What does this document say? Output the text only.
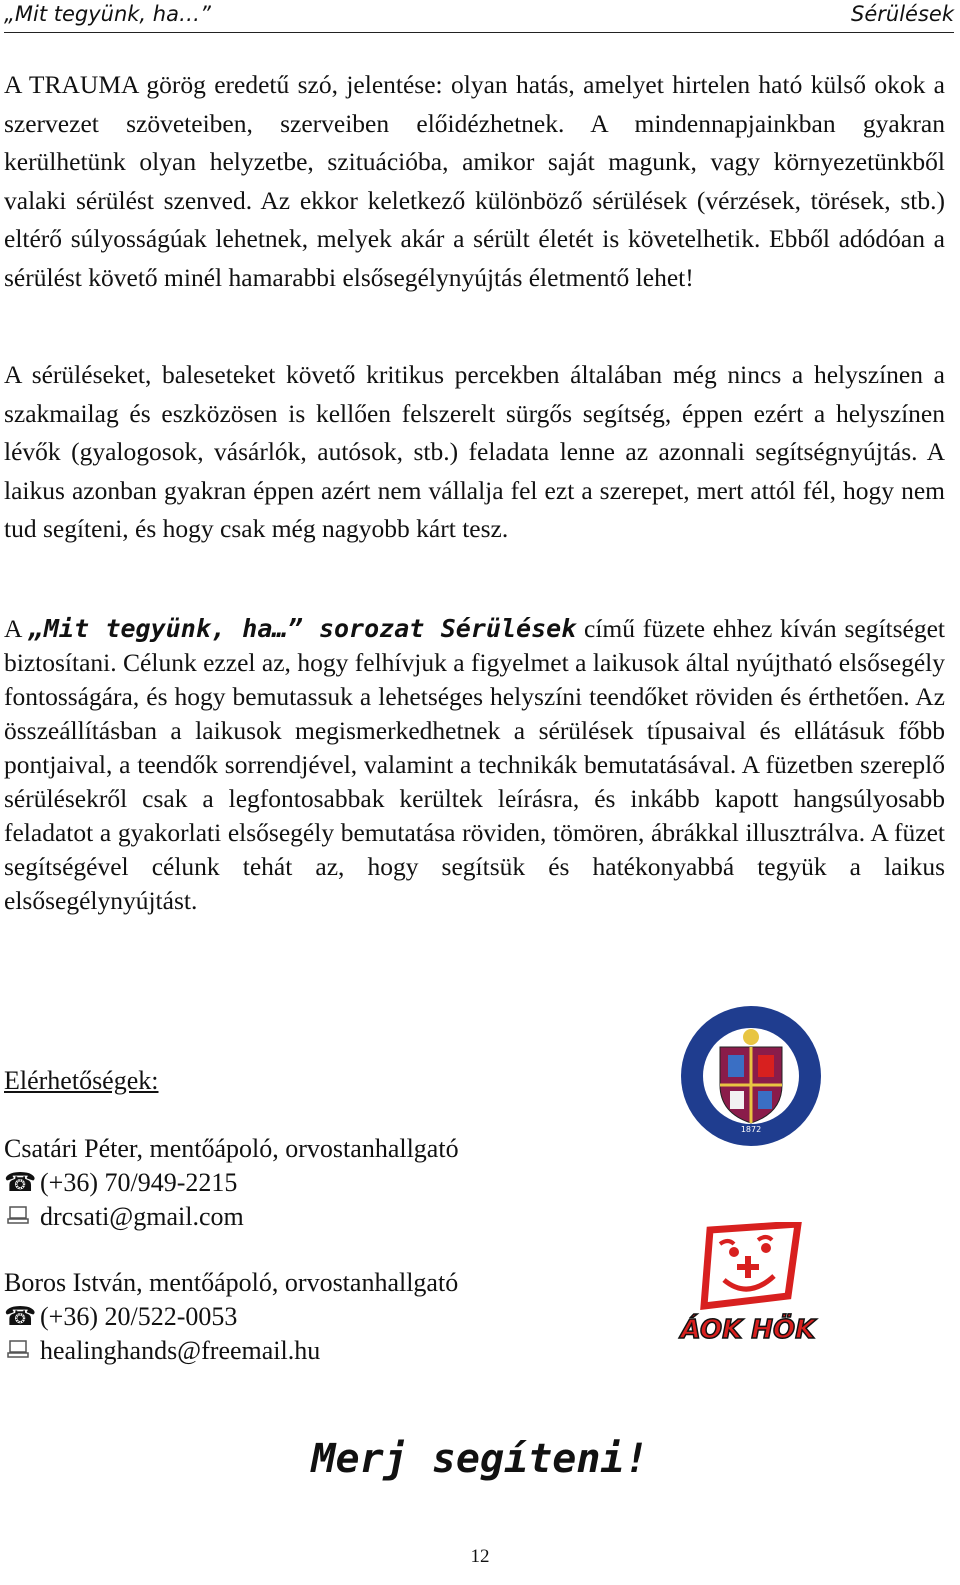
„Mit tegyünk, ha…”	Sérülések
A TRAUMA görög eredetű szó, jelentése: olyan hatás, amelyet hirtelen ható külső okok a szervezet szöveteiben, szerveiben előidézhetnek. A mindennapjainkban gyakran kerülhetünk olyan helyzetbe, szituációba, amikor saját magunk, vagy környezetünkből valaki sérülést szenved. Az ekkor keletkező különböző sérülések (vérzések, törések, stb.) eltérő súlyosságúak lehetnek, melyek akár a sérült életét is követelhetik. Ebből adódóan a sérülést követő minél hamarabbi elsősegélynyújtás életmentő lehet!
A sérüléseket, baleseteket követő kritikus percekben általában még nincs a helyszínen a szakmailag és eszközösen is kellően felszerelt sürgős segítség, éppen ezért a helyszínen lévők (gyalogosok, vásárlók, autósok, stb.) feladata lenne az azonnali segítségnyújtás. A laikus azonban gyakran éppen azért nem vállalja fel ezt a szerepet, mert attól fél, hogy nem tud segíteni, és hogy csak még nagyobb kárt tesz.
A „Mit tegyünk, ha…” sorozat Sérülések című füzete ehhez kíván segítséget biztosítani. Célunk ezzel az, hogy felhívjuk a figyelmet a laikusok által nyújtható elsősegély fontosságára, és hogy bemutassuk a lehetséges helyszíni teendőket röviden és érthetően. Az összeállításban a laikusok megismerkedhetnek a sérülések típusaival és ellátásuk főbb pontjaival, a teendők sorrendjével, valamint a technikák bemutatásával. A füzetben szereplő sérülésekről csak a legfontosabbak kerültek leírásra, és inkább kapott hangsúlyosabb feladatot a gyakorlati elsősegély bemutatása röviden, tömören, ábrákkal illusztrálva. A füzet segítségével célunk tehát az, hogy segítsük és hatékonyabbá tegyük a laikus elsősegélynyújtást.
Elérhetőségek:
Csatári Péter, mentőápoló, orvostanhallgató
☎ (+36) 70/949-2215
drcsati@gmail.com
Boros István, mentőápoló, orvostanhallgató
☎ (+36) 20/522-0053
healinghands@freemail.hu
1872
ÁOK HÖK
Merj segíteni!
12
